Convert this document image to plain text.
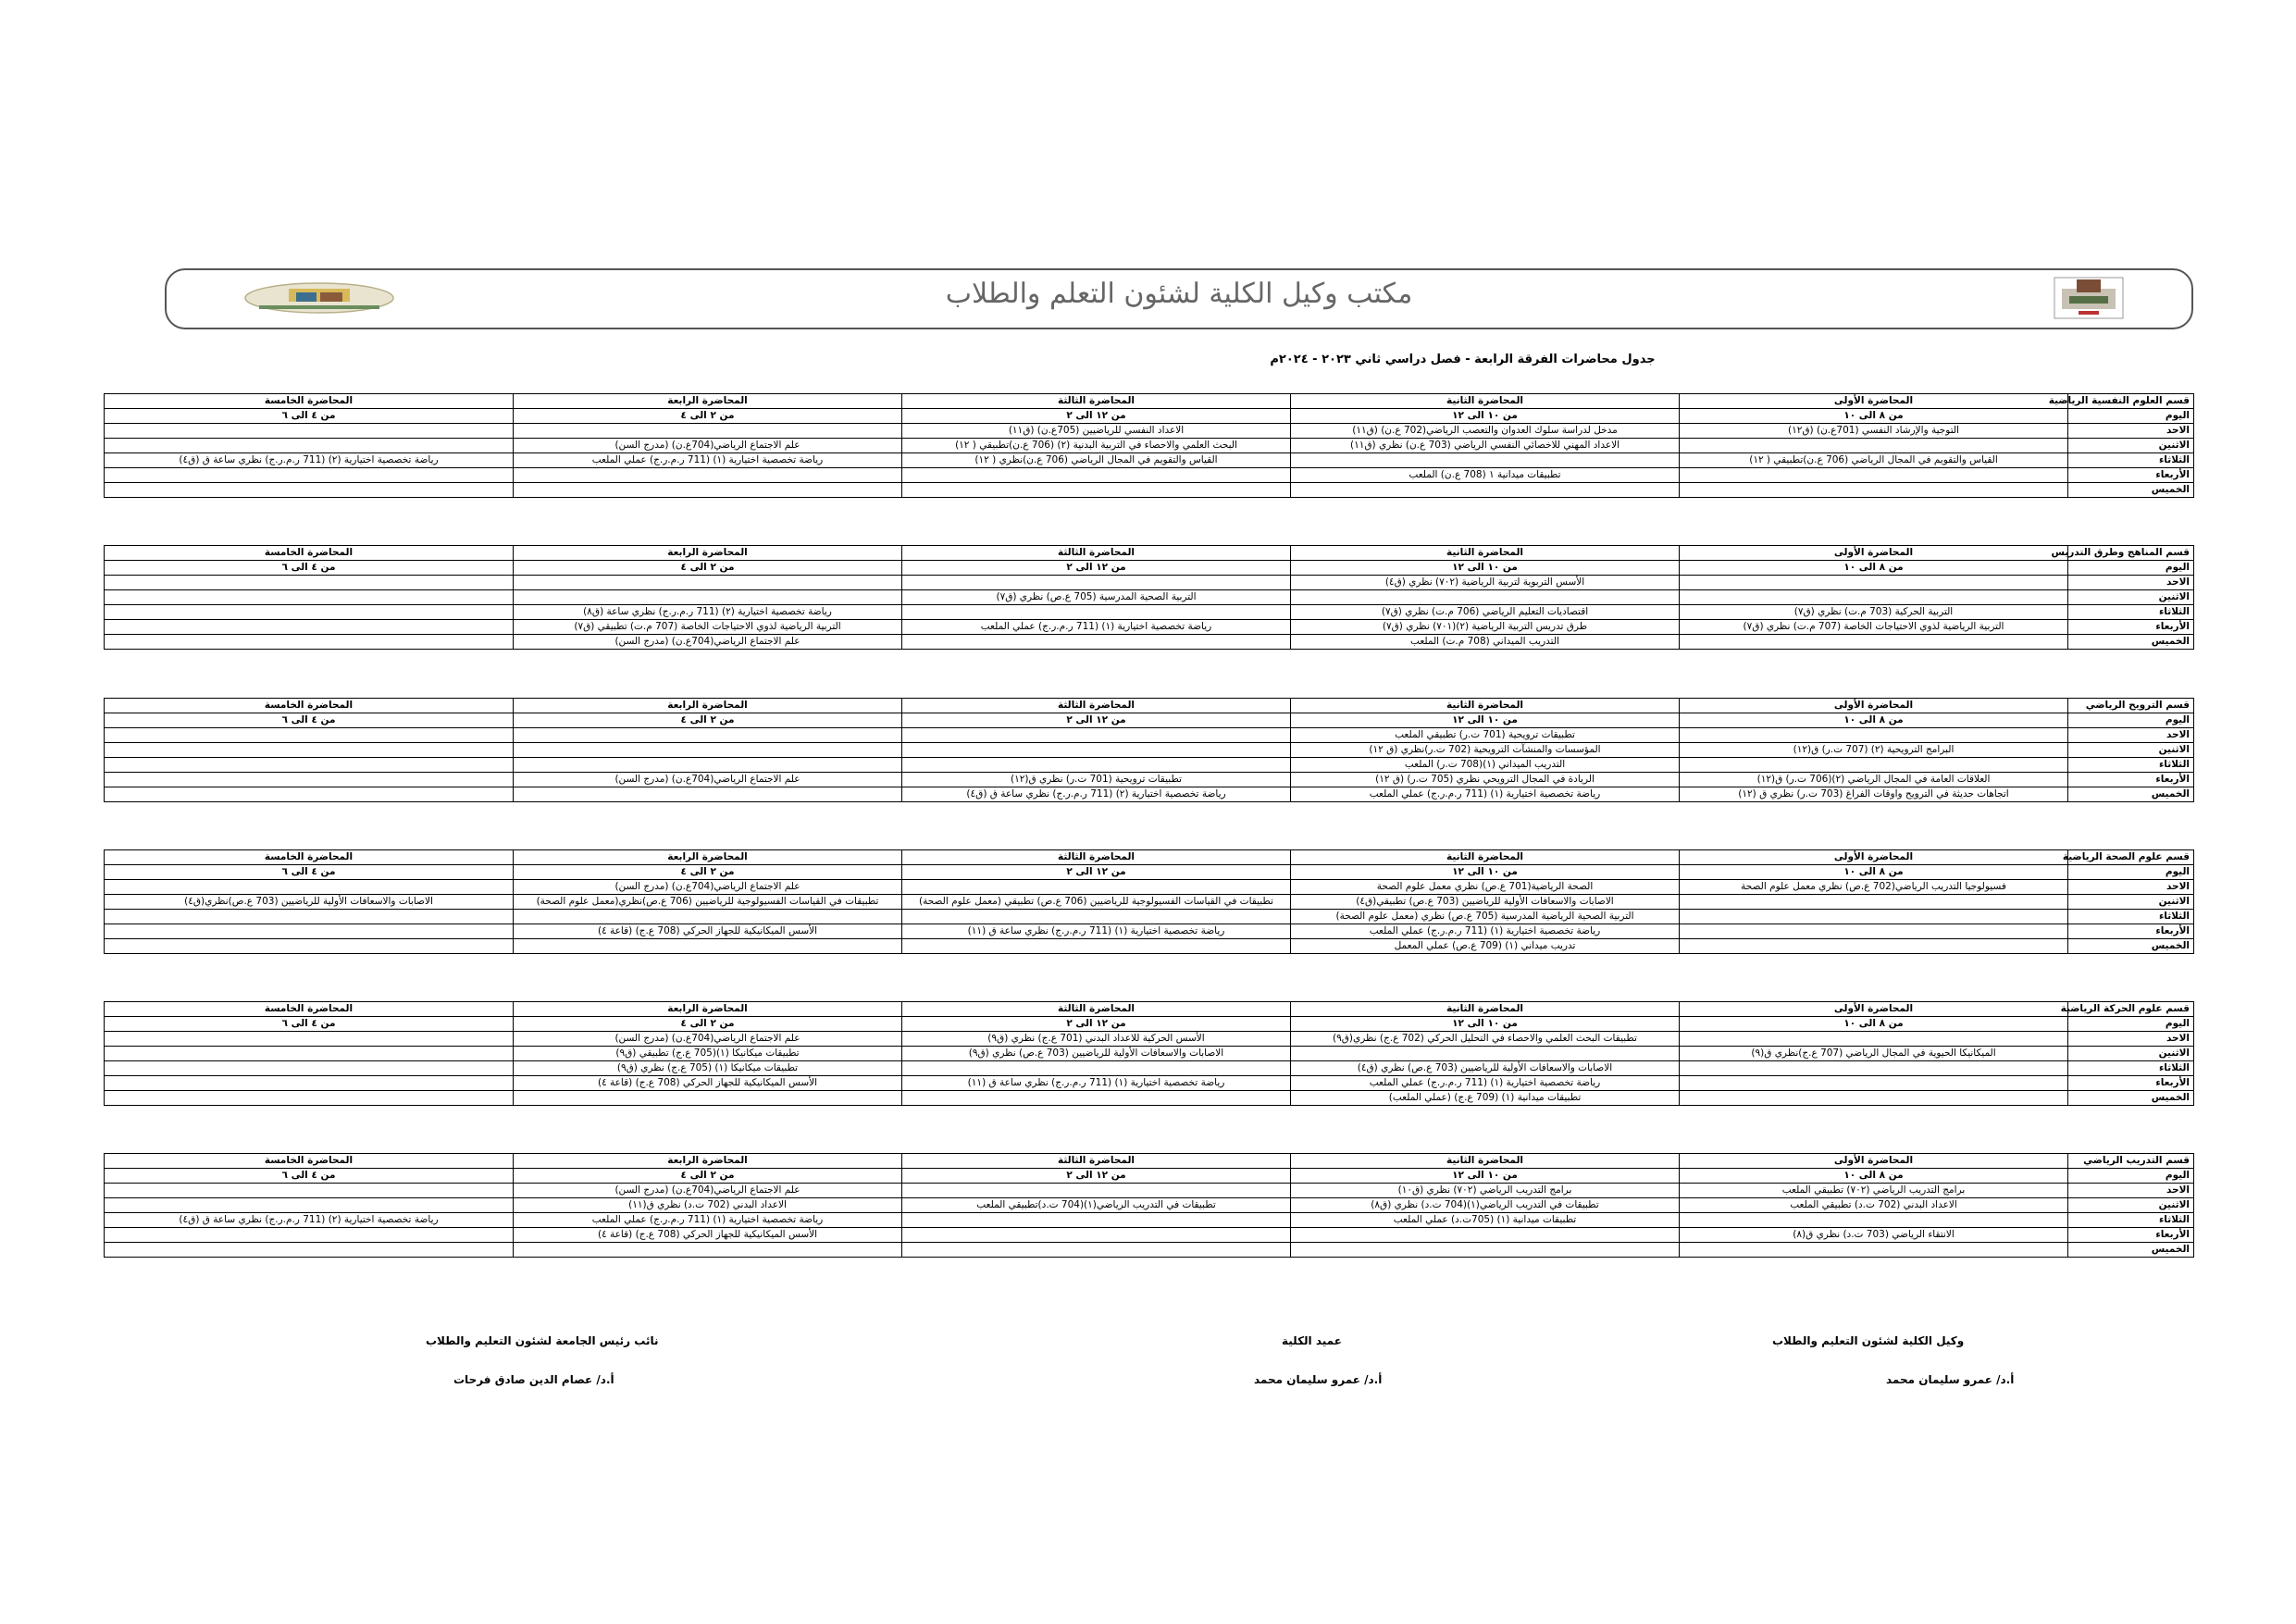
مكتب وكيل الكلية لشئون التعلم والطلاب
جدول محاضرات الفرقة الرابعة - فصل دراسي ثاني ٢٠٢٣ - ٢٠٢٤م
قسم العلوم النفسية الرياضية	المحاضرة الأولى	المحاضرة الثانية	المحاضرة الثالثة	المحاضرة الرابعة	المحاضرة الخامسة
اليوم	من ٨ الى ١٠	من ١٠ الى ١٢	من ١٢ الى ٢	من ٢ الى ٤	من ٤ الى ٦
الاحد	التوجية والإرشاد النفسي (701ع.ن) (ق١٢)	مدخل لدراسة سلوك العدوان والتعصب الرياضي(702 ع.ن) (ق١١)	الاعداد النفسي للرياضيين (705ع.ن) (ق١١)		
الاثنين		الاعداد المهني للاخصائي النفسي الرياضي (703 ع.ن) نظري (ق١١)	البحث العلمي والاحصاء في التربية البدنية (٢) (706 ع.ن)تطبيقي ( ١٢)	علم الاجتماع الرياضي(704ع.ن) (مدرج السن)	
الثلاثاء	القياس والتقويم في المجال الرياضي (706 ع.ن)تطبيقي ( ١٢)		القياس والتقويم في المجال الرياضي (706 ع.ن)نظري ( ١٢)	رياضة تخصصية اختيارية (١) (711 ر.م.ر.ج) عملي الملعب	رياضة تخصصية اختيارية (٢) (711 ر.م.ر.ج) نظري ساعة ق (ق٤)
الأربعاء		تطبيقات ميدانية ١ (708 ع.ن) الملعب			
الخميس					
قسم المناهج وطرق التدريس	المحاضرة الأولى	المحاضرة الثانية	المحاضرة الثالثة	المحاضرة الرابعة	المحاضرة الخامسة
اليوم	من ٨ الى ١٠	من ١٠ الى ١٢	من ١٢ الى ٢	من ٢ الى ٤	من ٤ الى ٦
الاحد		الأسس التربوية لتربية الرياضية (٧٠٢) نظري (ق٤)			
الاثنين			التربية الصحية المدرسية (705 ع.ص) نظري (ق٧)		
الثلاثاء	التربية الحركية (703 م.ت) نظري (ق٧)	اقتصاديات التعليم الرياضي (706 م.ت) نظري (ق٧)		رياضة تخصصية اختيارية (٢) (711 ر.م.ر.ج) نظري ساعة (ق٨)	
الأربعاء	التربية الرياضية لذوي الاحتياجات الخاصة (707 م.ت) نظري (ق٧)	طرق تدريس التربية الرياضية (٢)(٧٠١) نظري (ق٧)	رياضة تخصصية اختيارية (١) (711 ر.م.ر.ج) عملي الملعب	التربية الرياضية لذوي الاحتياجات الخاصة (707 م.ت) تطبيقي (ق٧)	
الخميس		التدريب الميداني (708 م.ت) الملعب		علم الاجتماع الرياضي(704ع.ن) (مدرج السن)	
قسم الترويح الرياضي	المحاضرة الأولى	المحاضرة الثانية	المحاضرة الثالثة	المحاضرة الرابعة	المحاضرة الخامسة
اليوم	من ٨ الى ١٠	من ١٠ الى ١٢	من ١٢ الى ٢	من ٢ الى ٤	من ٤ الى ٦
الاحد		تطبيقات ترويحية (701 ت.ر) تطبيقي الملعب			
الاثنين	البرامج الترويحية (٢) (707 ت.ر) ق(١٢)	المؤسسات والمنشآت الترويحية (702 ت.ر)نظري (ق ١٢)			
الثلاثاء		التدريب الميداني (١)(708 ت.ر) الملعب			
الأربعاء	العلاقات العامة في المجال الرياضي (٢)(706 ت.ر) ق(١٢)	الريادة في المجال الترويحي نظري (705 ت.ر) (ق ١٢)	تطبيقات ترويحية (701 ت.ر) نظري ق(١٢)	علم الاجتماع الرياضي(704ع.ن) (مدرج السن)	
الخميس	اتجاهات حديثة في الترويح واوقات الفراغ (703 ت.ر) نظري ق (١٢)	رياضة تخصصية اختيارية (١) (711 ر.م.ر.ج) عملي الملعب	رياضة تخصصية اختيارية (٢) (711 ر.م.ر.ج) نظري ساعة ق (ق٤)		
قسم علوم الصحة الرياضية	المحاضرة الأولى	المحاضرة الثانية	المحاضرة الثالثة	المحاضرة الرابعة	المحاضرة الخامسة
اليوم	من ٨ الى ١٠	من ١٠ الى ١٢	من ١٢ الى ٢	من ٢ الى ٤	من ٤ الى ٦
الاحد	فسيولوجيا التدريب الرياضي(702 ع.ص) نظري معمل علوم الصحة	الصحة الرياضية(701 ع.ص) نظري معمل علوم الصحة		علم الاجتماع الرياضي(704ع.ن) (مدرج السن)	
الاثنين		الاصابات والاسعافات الأولية للرياضيين (703 ع.ص) تطبيقي(ق٤)	تطبيقات في القياسات الفسيولوجية للرياضيين (706 ع.ص) تطبيقي (معمل علوم الصحة)	تطبيقات في القياسات الفسيولوجية للرياضيين (706 ع.ص)نظري(معمل علوم الصحة)	الاصابات والاسعافات الأولية للرياضيين (703 ع.ص)نظري(ق٤)
الثلاثاء		التربية الصحية الرياضية المدرسية (705 ع.ص) نظري (معمل علوم الصحة)			
الأربعاء		رياضة تخصصية اختيارية (١) (711 ر.م.ر.ج) عملي الملعب	رياضة تخصصية اختيارية (١) (711 ر.م.ر.ج) نظري ساعة ق (١١)	الأسس الميكانيكية للجهاز الحركي (708 ع.ج) (قاعة ٤)	
الخميس		تدريب ميداني (١) (709 ع.ص) عملي المعمل			
قسم علوم الحركة الرياضية	المحاضرة الأولى	المحاضرة الثانية	المحاضرة الثالثة	المحاضرة الرابعة	المحاضرة الخامسة
اليوم	من ٨ الى ١٠	من ١٠ الى ١٢	من ١٢ الى ٢	من ٢ الى ٤	من ٤ الى ٦
الاحد		تطبيقات البحث العلمي والاحصاء في التحليل الحركي (702 ع.ج) نظري(ق٩)	الأسس الحركية للاعداد البدني (701 ع.ج) نظري (ق٩)	علم الاجتماع الرياضي(704ع.ن) (مدرج السن)	
الاثنين	الميكانيكا الحيوية في المجال الرياضي (707 ع.ج)نظري ق(٩)		الاصابات والاسعافات الأولية للرياضيين (703 ع.ص) نظري (ق٩)	تطبيقات ميكانيكا (١)(705 ع.ج) تطبيقي (ق٩)	
الثلاثاء		الاصابات والاسعافات الأولية للرياضيين (703 ع.ص) نظري (ق٤)		تطبيقات ميكانيكا (١) (705 ع.ج) نظري (ق٩)	
الأربعاء		رياضة تخصصية اختيارية (١) (711 ر.م.ر.ج) عملي الملعب	رياضة تخصصية اختيارية (١) (711 ر.م.ر.ج) نظري ساعة ق (١١)	الأسس الميكانيكية للجهاز الحركي (708 ع.ج) (قاعة ٤)	
الخميس		تطبيقات ميدانية (١) (709 ع.ج) (عملي الملعب)			
قسم التدريب الرياضي	المحاضرة الأولى	المحاضرة الثانية	المحاضرة الثالثة	المحاضرة الرابعة	المحاضرة الخامسة
اليوم	من ٨ الى ١٠	من ١٠ الى ١٢	من ١٢ الى ٢	من ٢ الى ٤	من ٤ الى ٦
الاحد	برامج التدريب الرياضي (٧٠٢) تطبيقي الملعب	برامج التدريب الرياضي (٧٠٢) نظري (ق١٠)		علم الاجتماع الرياضي(704ع.ن) (مدرج السن)	
الاثنين	الاعداد البدني (702 ت.د) تطبيقي الملعب	تطبيقات في التدريب الرياضي(١)(704 ت.د) نظري (ق٨)	تطبيقات في التدريب الرياضي(١)(704 ت.د)تطبيقي الملعب	الاعداد البدني (702 ت.د) نظري ق(١١)	
الثلاثاء		تطبيقات ميدانية (١) (705ت.د) عملي الملعب		رياضة تخصصية اختيارية (١) (711 ر.م.ر.ج) عملي الملعب	رياضة تخصصية اختيارية (٢) (711 ر.م.ر.ج) نظري ساعة ق (ق٤)
الأربعاء	الانتقاء الرياضي (703 ت.د) نظري ق(٨)			الأسس الميكانيكية للجهاز الحركي (708 ع.ج) (قاعة ٤)	
الخميس					
وكيل الكلية لشئون التعليم والطلاب
أ.د/ عمرو سليمان محمد
عميد الكلية
أ.د/ عمرو سليمان محمد
نائب رئيس الجامعة لشئون التعليم والطلاب
أ.د/ عصام الدين صادق فرحات
